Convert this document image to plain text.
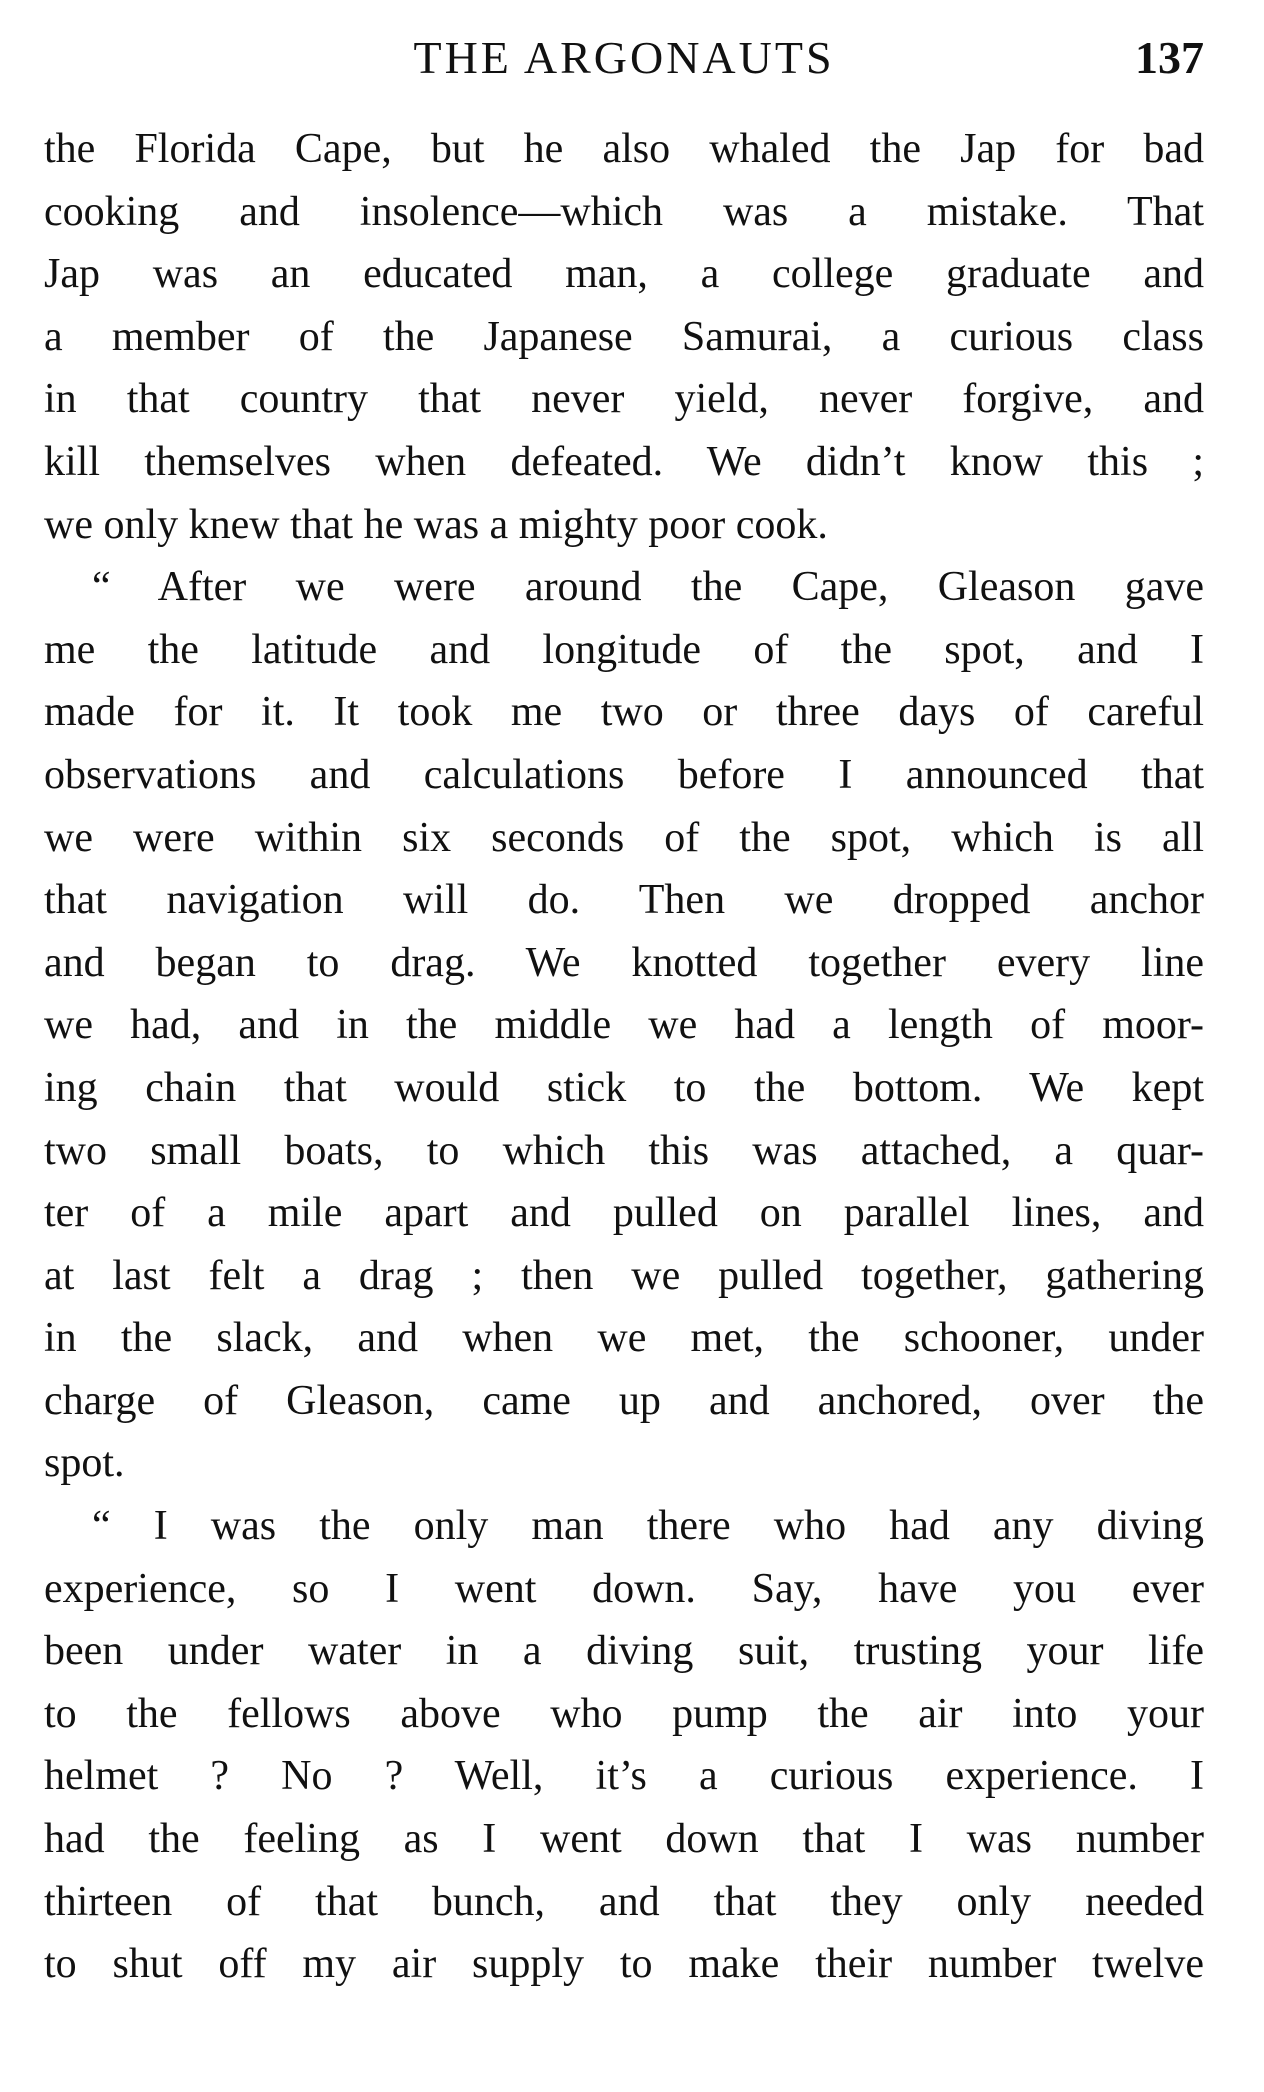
THE ARGONAUTS	137
the Florida Cape, but he also whaled the Jap for bad
cooking and insolence—which was a mistake. That
Jap was an educated man, a college graduate and
a member of the Japanese Samurai, a curious class
in that country that never yield, never forgive, and
kill themselves when defeated. We didn’t know this ;
we only knew that he was a mighty poor cook.
“ After we were around the Cape, Gleason gave
me the latitude and longitude of the spot, and I
made for it. It took me two or three days of careful
observations and calculations before I announced that
we were within six seconds of the spot, which is all
that navigation will do. Then we dropped anchor
and began to drag. We knotted together every line
we had, and in the middle we had a length of moor-
ing chain that would stick to the bottom. We kept
two small boats, to which this was attached, a quar-
ter of a mile apart and pulled on parallel lines, and
at last felt a drag ; then we pulled together, gathering
in the slack, and when we met, the schooner, under
charge of Gleason, came up and anchored, over the
spot.
“ I was the only man there who had any diving
experience, so I went down. Say, have you ever
been under water in a diving suit, trusting your life
to the fellows above who pump the air into your
helmet ? No ? Well, it’s a curious experience. I
had the feeling as I went down that I was number
thirteen of that bunch, and that they only needed
to shut off my air supply to make their number twelve
